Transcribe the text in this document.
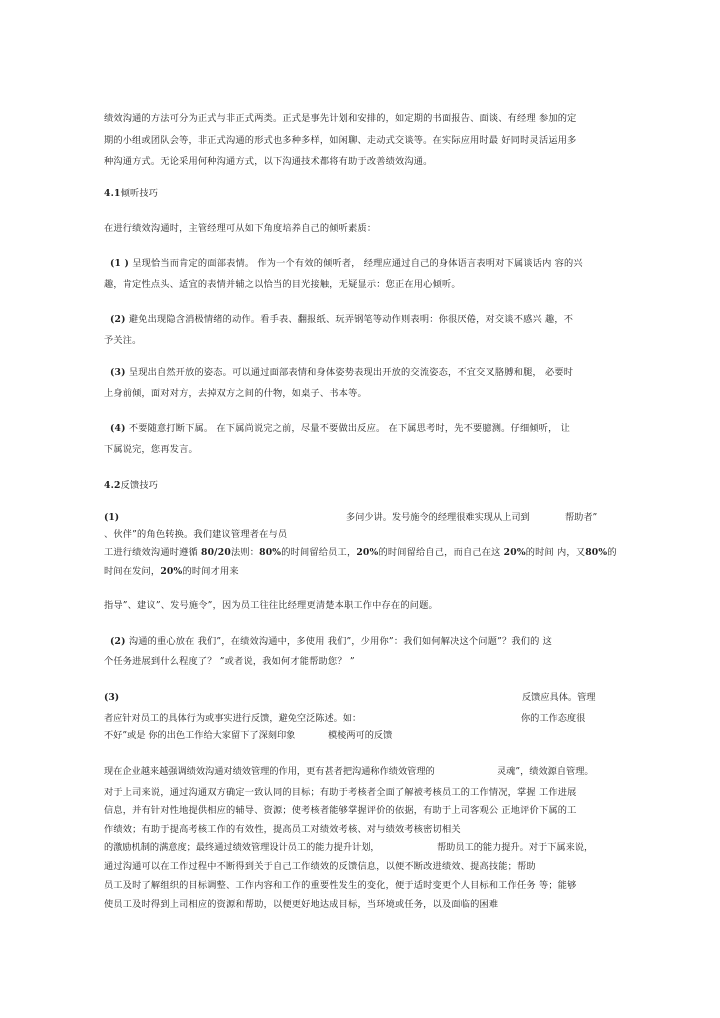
绩效沟通的方法可分为正式与非正式两类。正式是事先计划和安排的，如定期的书面报告、面谈、有经理 参加的定
期的小组或团队会等，非正式沟通的形式也多种多样，如闲聊、走动式交谈等。在实际应用时最 好同时灵活运用多
种沟通方式。无论采用何种沟通方式，以下沟通技术都将有助于改善绩效沟通。
4.1倾听技巧
在进行绩效沟通时，主管经理可从如下角度培养自己的倾听素质：
(1 ) 呈现恰当而肯定的面部表情。 作为一个有效的倾听者， 经理应通过自己的身体语言表明对下属谈话内 容的兴
趣，肯定性点头、适宜的表情并辅之以恰当的目光接触，无疑显示：您正在用心倾听。
(2) 避免出现隐含消极情绪的动作。看手表、翻报纸、玩弄钢笔等动作则表明：你很厌倦，对交谈不感兴 趣，不
予关注。
(3) 呈现出自然开放的姿态。可以通过面部表情和身体姿势表现出开放的交流姿态，不宜交叉胳膊和腿， 必要时
上身前倾，面对对方，去掉双方之间的什物，如桌子、书本等。
(4) 不要随意打断下属。 在下属尚说完之前，尽量不要做出反应。 在下属思考时，先不要臆测。仔细倾听， 让
下属说完，您再发言。
4.2反馈技巧
(1)	多问少讲。发号施令的经理很难实现从上司到	帮助者”
、伙伴”的角色转换。我们建议管理者在与员
工进行绩效沟通时遵循 80/20法则：80%的时间留给员工，20%的时间留给自己，而自己在这 20%的时间 内，又80%的
时间在发问，20%的时间才用来
指导”、建议”、发号施令”，因为员工往往比经理更清楚本职工作中存在的问题。
(2) 沟通的重心放在 我们”，在绩效沟通中，多使用 我们”，少用你”：我们如何解决这个问题”？我们的 这
个任务进展到什么程度了？ ”或者说，我如何才能帮助您？ ”
(3)	反馈应具体。管理
者应针对员工的具体行为或事实进行反馈，避免空泛陈述。如：	你的工作态度很
不好”或是 你的出色工作给大家留下了深刻印象	模棱两可的反馈
现在企业越来越强调绩效沟通对绩效管理的作用，更有甚者把沟通称作绩效管理的	灵魂”，绩效源自管理。
对于上司来说，通过沟通双方确定一致认同的目标；有助于考核者全面了解被考核员工的工作情况，掌握 工作进展
信息，并有针对性地提供相应的辅导、资源；使考核者能够掌握评价的依据，有助于上司客观公 正地评价下属的工
作绩效；有助于提高考核工作的有效性，提高员工对绩效考核、对与绩效考核密切相关
的激励机制的满意度；最终通过绩效管理设计员工的能力提升计划，	帮助员工的能力提升。对于下属来说，
通过沟通可以在工作过程中不断得到关于自己工作绩效的反馈信息，以便不断改进绩效、提高技能；帮助
员工及时了解组织的目标调整、工作内容和工作的重要性发生的变化，便于适时变更个人目标和工作任务 等；能够
使员工及时得到上司相应的资源和帮助，以便更好地达成目标，当环境或任务，以及面临的困难
